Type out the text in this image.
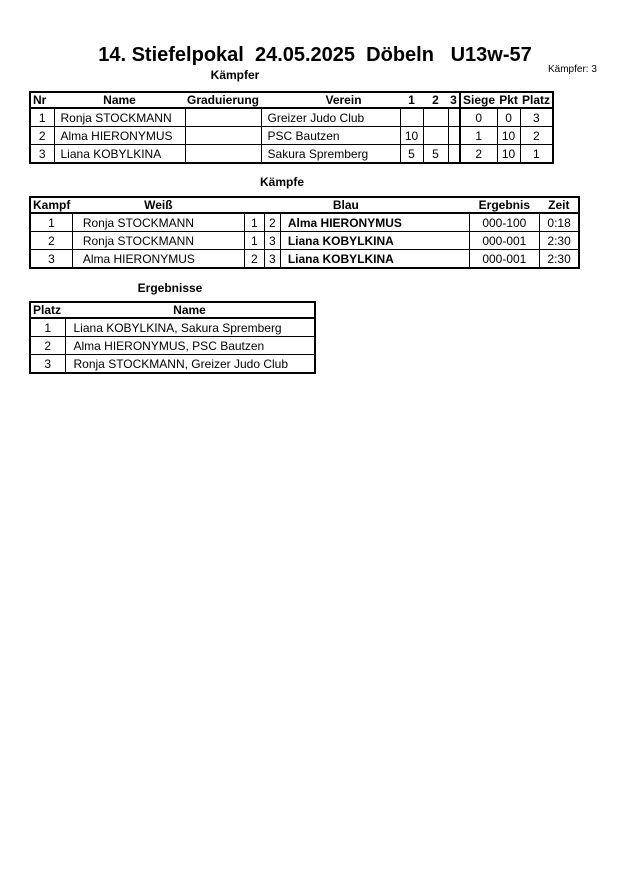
14. Stiefelpokal  24.05.2025  Döbeln   U13w-57
Kämpfer: 3
Kämpfer
Nr	Name	Graduierung	Verein	1	2	3	Siege	Pkt	Platz
1	Ronja STOCKMANN		Greizer Judo Club				0	0	3
2	Alma HIERONYMUS		PSC Bautzen	10			1	10	2
3	Liana KOBYLKINA		Sakura Spremberg	5	5		2	10	1
Kämpfe
Kampf	Weiß			Blau	Ergebnis	Zeit
1	Ronja STOCKMANN	1	2	Alma HIERONYMUS	000-100	0:18
2	Ronja STOCKMANN	1	3	Liana KOBYLKINA	000-001	2:30
3	Alma HIERONYMUS	2	3	Liana KOBYLKINA	000-001	2:30
Ergebnisse
Platz	Name
1	Liana KOBYLKINA, Sakura Spremberg
2	Alma HIERONYMUS, PSC Bautzen
3	Ronja STOCKMANN, Greizer Judo Club
